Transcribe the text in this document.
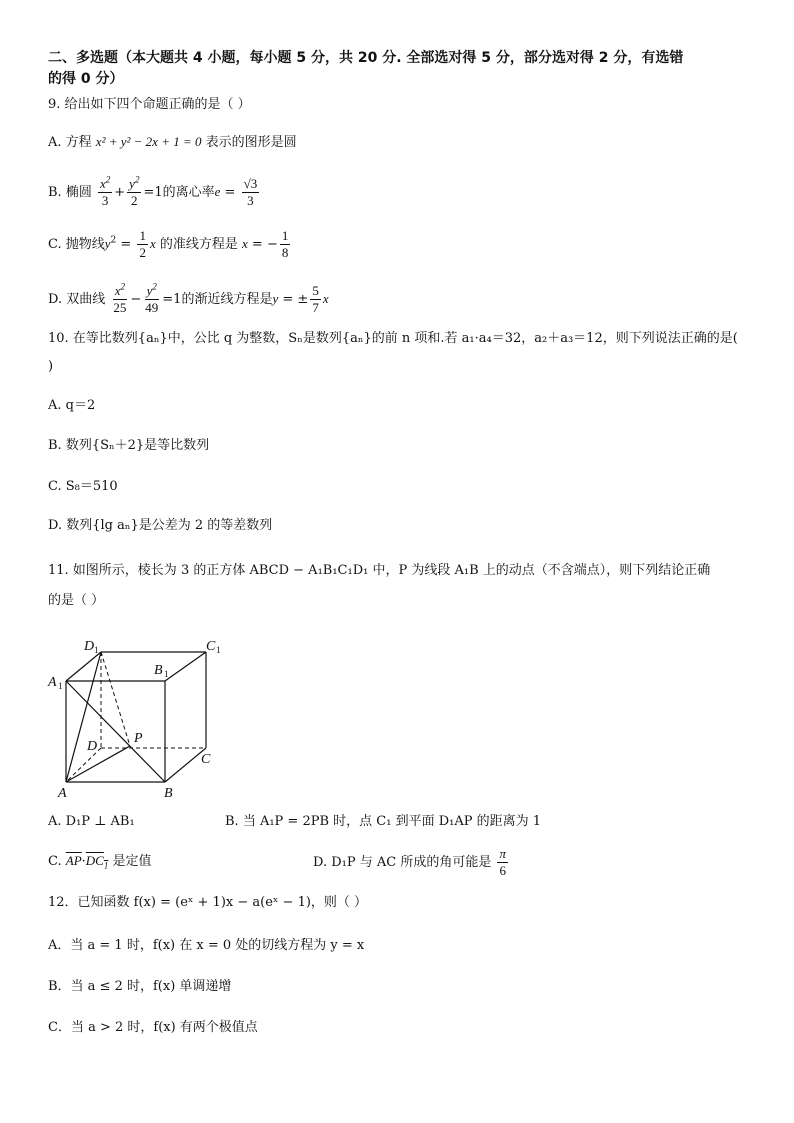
二、多选题（本大题共 4 小题，每小题 5 分，共 20 分. 全部选对得 5 分，部分选对得 2 分，有选错
的得 0 分）
9. 给出如下四个命题正确的是（ ）
A. 方程 x² + y² − 2x + 1 = 0 表示的图形是圆
B. 椭圆 $\frac{x^2}{3} + \frac{y^2}{2} =1$的离心率$e = \frac{√3}{3}$
C. 抛物线$y^2 = \frac{1}{2}$ x 的准线方程是 x = − $\frac{1}{8}$
D. 双曲线 $\frac{x^2}{25} - \frac{y^2}{49} =1$的渐近线方程是y = ± $\frac{5}{7}$ x
10. 在等比数列{aₙ}中，公比 q 为整数，Sₙ是数列{aₙ}的前 n 项和.若 a₁·a₄＝32，a₂＋a₃＝12，则下列说法正确的是(
)
A. q＝2
B. 数列{Sₙ＋2}是等比数列
C. S₈＝510
D. 数列{lg aₙ}是公差为 2 的等差数列
11. 如图所示，棱长为 3 的正方体 ABCD − A₁B₁C₁D₁ 中，P 为线段 A₁B 上的动点（不含端点），则下列结论正确
的是（ ）
D 1	C 1
A 1
B 1
P
D
C
A	B
A. D₁P ⊥ AB₁	B. 当 A₁P = 2PB 时，点 C₁ 到平面 D₁AP 的距离为 1
C. $\overline{AP}\cdot DC_1$ 是定值	D. D₁P 与 AC 所成的角可能是 $\frac{\pi}{6}$
12．已知函数 f(x) = (eˣ + 1)x − a(eˣ − 1)，则（ ）
A．当 a = 1 时，f(x) 在 x = 0 处的切线方程为 y = x
B．当 a ≤ 2 时，f(x) 单调递增
C．当 a > 2 时，f(x) 有两个极值点
